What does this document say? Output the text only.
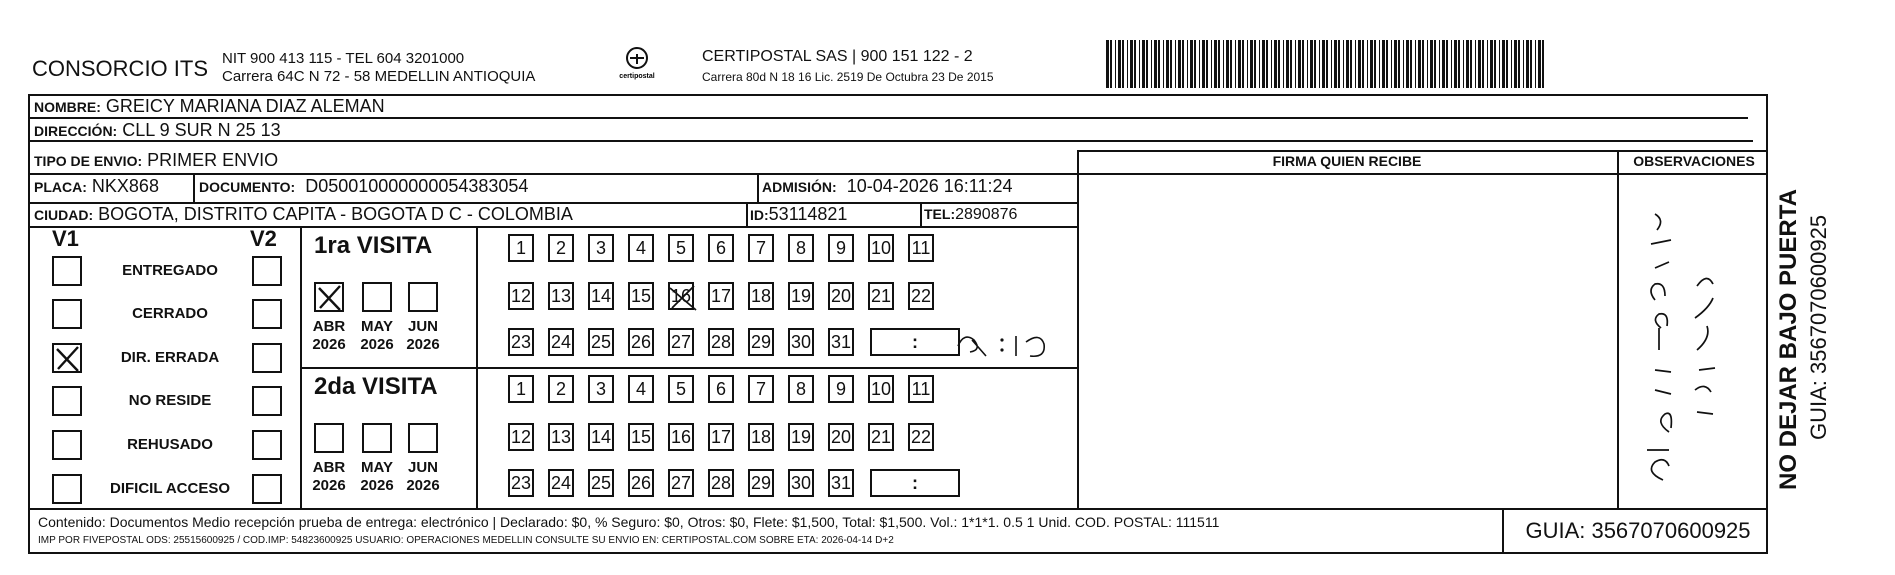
CONSORCIO ITS NIT 900 413 115 - TEL 604 3201000
Carrera 64C N 72 - 58 MEDELLIN ANTIOQUIA	certipostal
CERTIPOSTAL SAS | 900 151 122 - 2
Carrera 80d N 18 16 Lic. 2519 De Octubra 23 De 2015
NOMBRE: GREICY MARIANA DIAZ ALEMAN
DIRECCIÓN: CLL 9 SUR N 25 13
TIPO DE ENVIO: PRIMER ENVIO
PLACA: NKX868	DOCUMENTO: D050010000000054383054	ADMISIÓN: 10-04-2026 16:11:24
CIUDAD: BOGOTA, DISTRITO CAPITA - BOGOTA D C - COLOMBIA	ID:53114821	TEL:2890876
FIRMA QUIEN RECIBE	OBSERVACIONES
V1	V2
ENTREGADO
CERRADO
DIR. ERRADA
NO RESIDE
REHUSADO
DIFICIL ACCESO
1ra VISITA
ABR
2026
MAY
2026
JUN
2026
1	2	3	4	5	6	7	8	9	10 11
12 13 14 15 16 17 18 19 20 21 22
23 24 25 26 27 28 29 30 31	:
2da VISITA
ABR
2026
MAY
2026
JUN
2026
1	2	3	4	5	6	7	8	9	10 11
12 13 14 15 16 17 18 19 20 21 22
23 24 25 26 27 28 29 30 31	:
Contenido: Documentos Medio recepción prueba de entrega: electrónico | Declarado: $0, % Seguro: $0, Otros: $0, Flete: $1,500, Total: $1,500. Vol.: 1*1*1. 0.5 1 Unid. COD. POSTAL: 111511
IMP POR FIVEPOSTAL ODS: 25515600925 / COD.IMP: 54823600925 USUARIO: OPERACIONES MEDELLIN CONSULTE SU ENVIO EN: CERTIPOSTAL.COM SOBRE ETA: 2026-04-14 D+2	GUIA: 3567070600925
NO DEJAR BAJO PUERTA GUIA: 3567070600925
